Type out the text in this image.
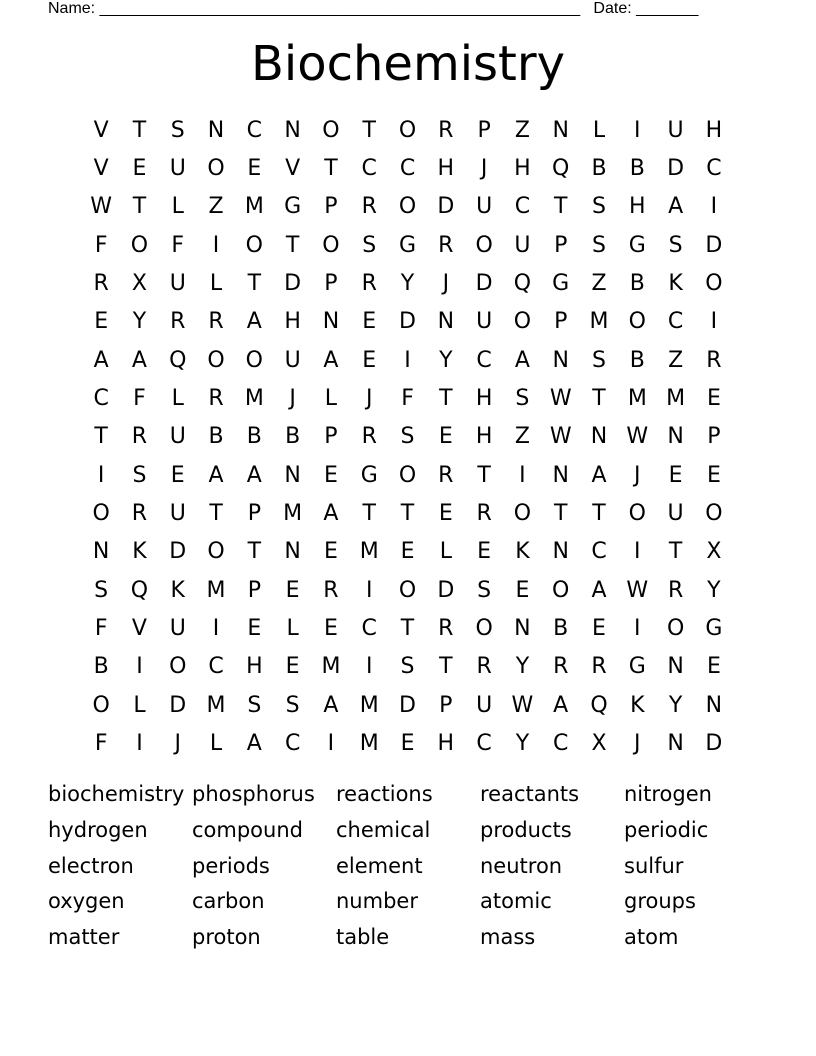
Name: ______________________________________________________   Date: _______
Biochemistry
V	T	S	N	C	N O	T	O R	P	Z	N	L	I	U H
V	E	U O	E	V	T	C	C	H	J	H Q	B	B	D	C
W T	L	Z M G	P	R O D U	C	T	S	H	A	I
F	O	F	I	O	T	O	S	G	R O U	P	S	G	S	D
R	X	U	L	T	D	P	R	Y	J	D Q G	Z	B	K	O
E	Y	R	R	A	H N	E	D N	U O	P	M O C	I
A	A	Q O O U	A	E	I	Y	C	A	N	S	B	Z	R
C	F	L	R M	J	L	J	F	T	H	S W T	M M E
T	R	U	B	B	B	P	R	S	E	H	Z W N W N	P
I	S	E	A	A	N	E	G O R	T	I	N	A	J	E	E
O R	U	T	P	M A	T	T	E	R O	T	T	O U O
N	K	D O	T	N	E M E	L	E	K	N	C	I	T	X
S	Q	K M	P	E	R	I	O D	S	E	O	A W R	Y
F	V	U	I	E	L	E	C	T	R O N	B	E	I	O G
B	I	O C	H	E M	I	S	T	R	Y	R	R	G N	E
O	L	D M S	S	A M D	P	U W A	Q	K	Y	N
F	I	J	L	A	C	I	M E	H	C	Y	C	X	J	N D
biochemistry phosphorus	reactions	reactants	nitrogen
hydrogen	compound	chemical	products	periodic
electron	periods	element	neutron	sulfur
oxygen	carbon	number	atomic	groups
matter	proton	table	mass	atom
